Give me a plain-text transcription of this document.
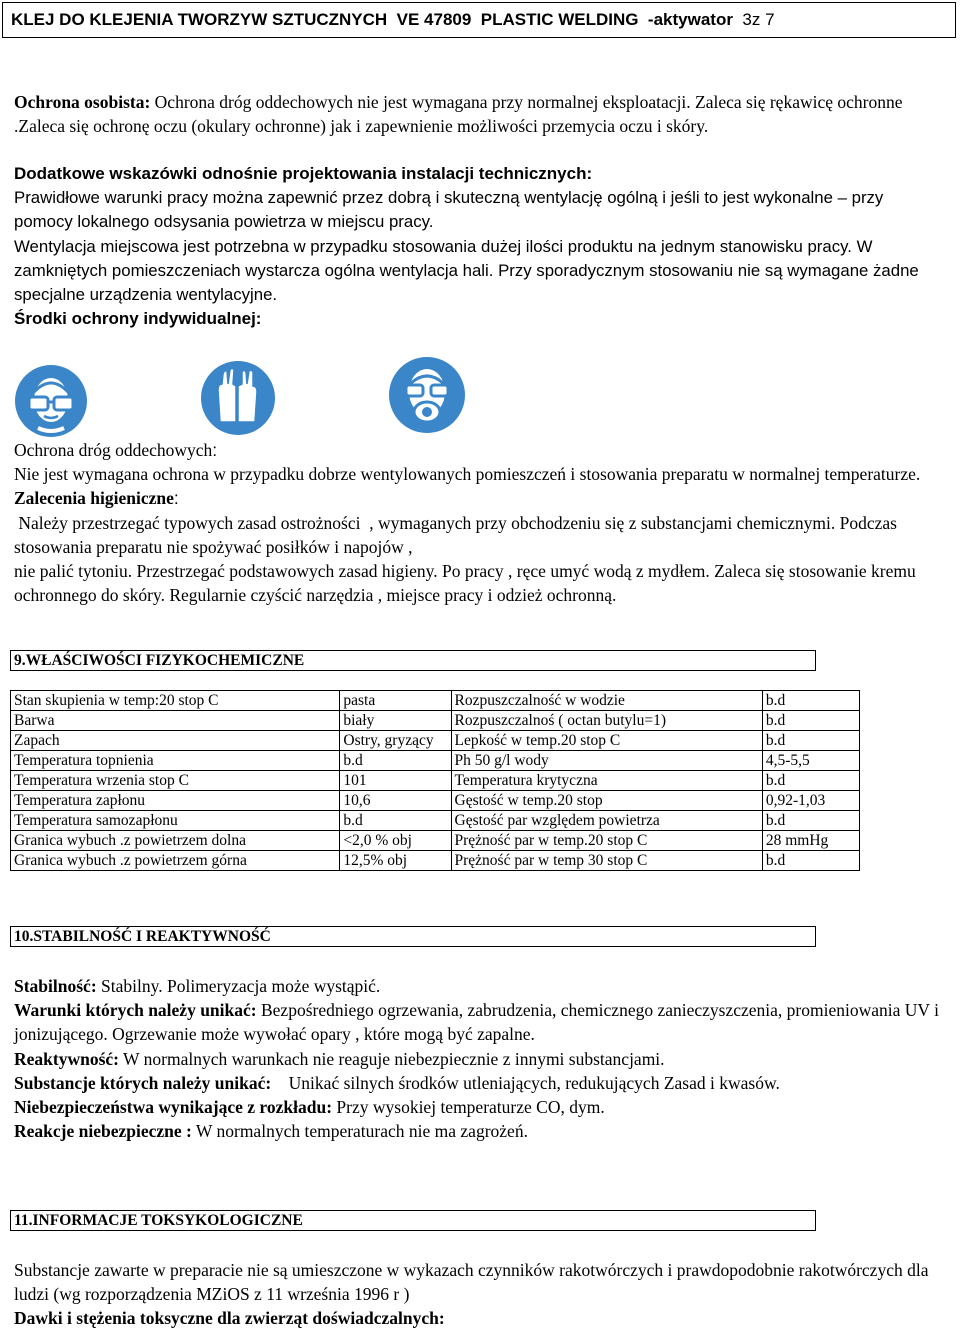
KLEJ DO KLEJENIA TWORZYW SZTUCZNYCH  VE 47809  PLASTIC WELDING  -aktywator 3z 7

Ochrona osobista: Ochrona dróg oddechowych nie jest wymagana przy normalnej eksploatacji. Zaleca się rękawicę ochronne .Zaleca się ochronę oczu (okulary ochronne) jak i zapewnienie możliwości przemycia oczu i skóry.

Dodatkowe wskazówki odnośnie projektowania instalacji technicznych:

Prawidłowe warunki pracy można zapewnić przez dobrą i skuteczną wentylację ogólną i jeśli to jest wykonalne – przy pomocy lokalnego odsysania powietrza w miejscu pracy.

Wentylacja miejscowa jest potrzebna w przypadku stosowania dużej ilości produktu na jednym stanowisku pracy. W zamkniętych pomieszczeniach wystarcza ogólna wentylacja hali. Przy sporadycznym stosowaniu nie są wymagane żadne specjalne urządzenia wentylacyjne.

Środki ochrony indywidualnej:

Ochrona dróg oddechowych:

Nie jest wymagana ochrona w przypadku dobrze wentylowanych pomieszczeń i stosowania preparatu w normalnej temperaturze.

Zalecenia higieniczne:

Należy przestrzegać typowych zasad ostrożności  , wymaganych przy obchodzeniu się z substancjami chemicznymi. Podczas stosowania preparatu nie spożywać posiłków i napojów ,

nie palić tytoniu. Przestrzegać podstawowych zasad higieny. Po pracy , ręce umyć wodą z mydłem. Zaleca się stosowanie kremu ochronnego do skóry. Regularnie czyścić narzędzia , miejsce pracy i odzież ochronną.

9.WŁAŚCIWOŚCI FIZYKOCHEMICZNE
Stan skupienia w temp:20 stop C	pasta	Rozpuszczalność w wodzie	b.d
Barwa	biały	Rozpuszczalnoś ( octan butylu=1)	b.d
Zapach	Ostry, gryzący	Lepkość w temp.20 stop C	b.d
Temperatura topnienia	b.d	Ph 50 g/l wody	4,5-5,5
Temperatura wrzenia stop C	101	Temperatura krytyczna	b.d
Temperatura zapłonu	10,6	Gęstość w temp.20 stop	0,92-1,03
Temperatura samozapłonu	b.d	Gęstość par względem powietrza	b.d
Granica wybuch .z powietrzem dolna	<2,0 % obj	Prężność par w temp.20 stop C	28 mmHg
Granica wybuch .z powietrzem górna	12,5% obj	Prężność par w temp 30 stop C	b.d
10.STABILNOŚĆ I REAKTYWNOŚĆ

Stabilność: Stabilny. Polimeryzacja może wystąpić.

Warunki których należy unikać: Bezpośredniego ogrzewania, zabrudzenia, chemicznego zanieczyszczenia, promieniowania UV i jonizującego. Ogrzewanie może wywołać opary , które mogą być zapalne.

Reaktywność: W normalnych warunkach nie reaguje niebezpiecznie z innymi substancjami.

Substancje których należy unikać:    Unikać silnych środków utleniających, redukujących Zasad i kwasów.

Niebezpieczeństwa wynikające z rozkładu: Przy wysokiej temperaturze CO, dym.

Reakcje niebezpieczne : W normalnych temperaturach nie ma zagrożeń.

11.INFORMACJE TOKSYKOLOGICZNE

Substancje zawarte w preparacie nie są umieszczone w wykazach czynników rakotwórczych i prawdopodobnie rakotwórczych dla ludzi (wg rozporządzenia MZiOS z 11 września 1996 r )

Dawki i stężenia toksyczne dla zwierząt doświadczalnych:
